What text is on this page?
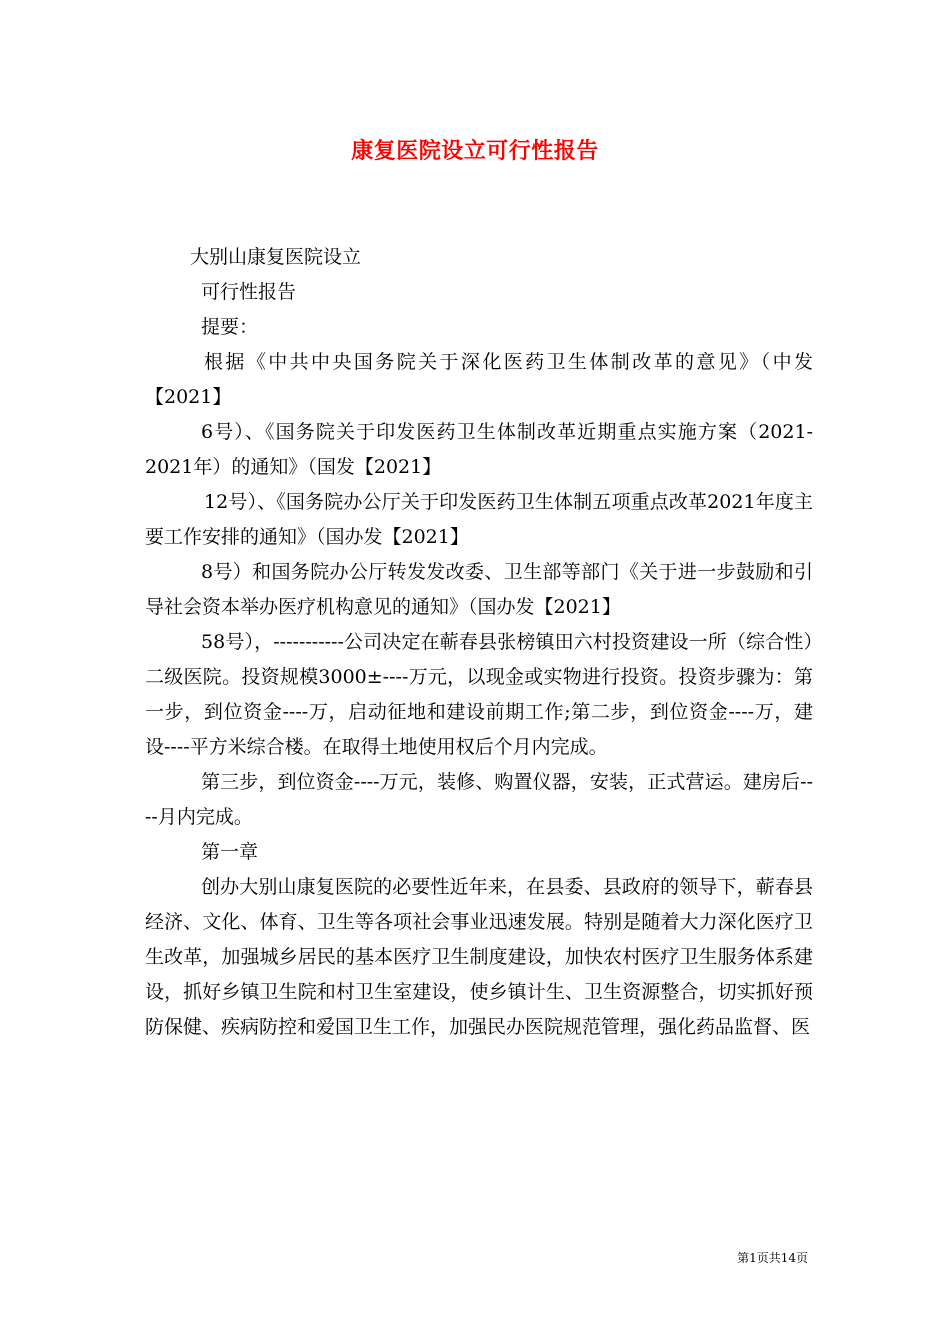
康复医院设立可行性报告

大别山康复医院设立

可行性报告

提要：

根据《中共中央国务院关于深化医药卫生体制改革的意见》（中发【2021】

6号）、《国务院关于印发医药卫生体制改革近期重点实施方案（2021-2021年）的通知》（国发【2021】

12号）、《国务院办公厅关于印发医药卫生体制五项重点改革2021年度主要工作安排的通知》（国办发【2021】

8号）和国务院办公厅转发发改委、卫生部等部门《关于进一步鼓励和引导社会资本举办医疗机构意见的通知》（国办发【2021】

58号），-----------公司决定在蕲春县张榜镇田六村投资建设一所（综合性）二级医院。投资规模3000±----万元，以现金或实物进行投资。投资步骤为：第一步，到位资金----万，启动征地和建设前期工作;第二步，到位资金----万，建设----平方米综合楼。在取得土地使用权后个月内完成。

第三步，到位资金----万元，装修、购置仪器，安装，正式营运。建房后----月内完成。

第一章

创办大别山康复医院的必要性近年来，在县委、县政府的领导下，蕲春县经济、文化、体育、卫生等各项社会事业迅速发展。特别是随着大力深化医疗卫生改革，加强城乡居民的基本医疗卫生制度建设，加快农村医疗卫生服务体系建设，抓好乡镇卫生院和村卫生室建设，使乡镇计生、卫生资源整合，切实抓好预防保健、疾病防控和爱国卫生工作，加强民办医院规范管理，强化药品监督、医

第1页共14页
